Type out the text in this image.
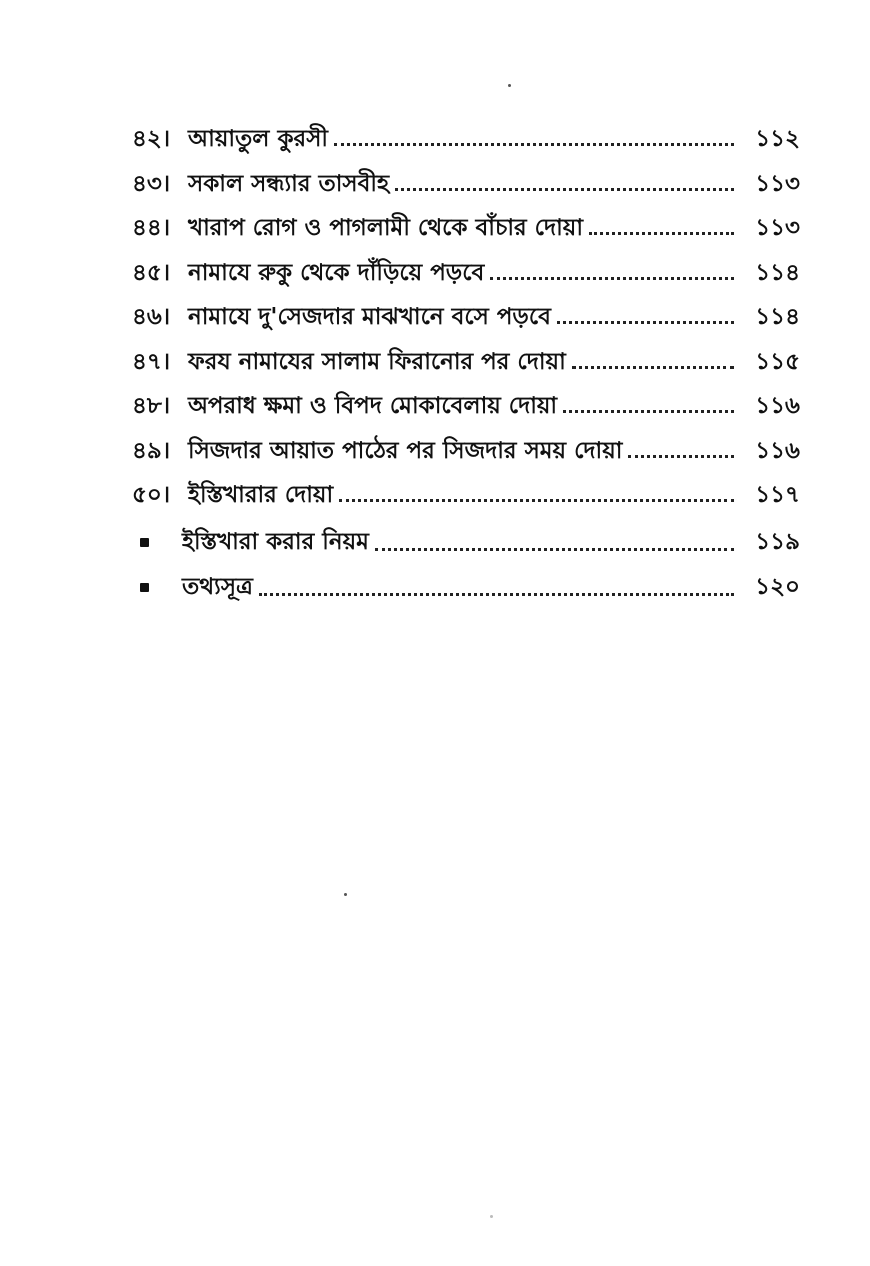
৪২। আয়াতুল কুরসী	১১২
৪৩। সকাল সন্ধ্যার তাসবীহ	১১৩
৪৪। খারাপ রোগ ও পাগলামী থেকে বাঁচার দোয়া	১১৩
৪৫। নামাযে রুকু থেকে দাঁড়িয়ে পড়বে	১১৪
৪৬। নামাযে দু'সেজদার মাঝখানে বসে পড়বে	১১৪
৪৭। ফরয নামাযের সালাম ফিরানোর পর দোয়া	১১৫
৪৮। অপরাধ ক্ষমা ও বিপদ মোকাবেলায় দোয়া	১১৬
৪৯। সিজদার আয়াত পাঠের পর সিজদার সময় দোয়া	১১৬
৫০। ইস্তিখারার দোয়া	১১৭
ইস্তিখারা করার নিয়ম	১১৯
তথ্যসূত্র	১২০
